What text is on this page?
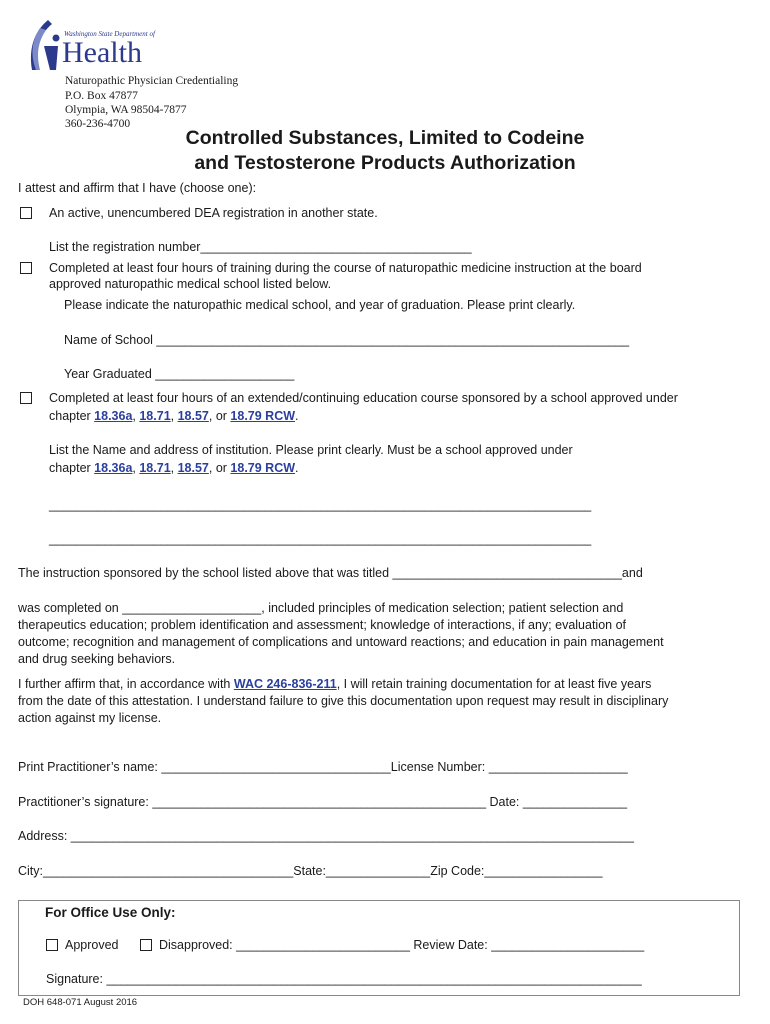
Washington State Department of
Health
Naturopathic Physician Credentialing
P.O. Box 47877
Olympia, WA 98504-7877
360-236-4700
Controlled Substances, Limited to Codeine
and Testosterone Products Authorization
I attest and affirm that I have (choose one):
An active, unencumbered DEA registration in another state.
List the registration number_______________________________________
Completed at least four hours of training during the course of naturopathic medicine instruction at the board
approved naturopathic medical school listed below.
Please indicate the naturopathic medical school, and year of graduation. Please print clearly.
Name of School ____________________________________________________________________
Year Graduated ____________________
Completed at least four hours of an extended/continuing education course sponsored by a school approved under
chapter 18.36a, 18.71, 18.57, or 18.79 RCW.
List the Name and address of institution. Please print clearly. Must be a school approved under
chapter 18.36a, 18.71, 18.57, or 18.79 RCW.
______________________________________________________________________________
______________________________________________________________________________
The instruction sponsored by the school listed above that was titled _________________________________and
was completed on ____________________, included principles of medication selection; patient selection and
therapeutics education; problem identification and assessment; knowledge of interactions, if any; evaluation of
outcome; recognition and management of complications and untoward reactions; and education in pain management
and drug seeking behaviors.
I further affirm that, in accordance with WAC 246-836-211, I will retain training documentation for at least five years
from the date of this attestation. I understand failure to give this documentation upon request may result in disciplinary
action against my license.
Print Practitioner’s name: _________________________________License Number: ____________________
Practitioner’s signature: ________________________________________________ Date: _______________
Address: _________________________________________________________________________________
City:____________________________________State:_______________Zip Code:_________________
For Office Use Only:
Approved	Disapproved: _________________________ Review Date: ______________________
Signature: _____________________________________________________________________________
DOH 648-071 August 2016
